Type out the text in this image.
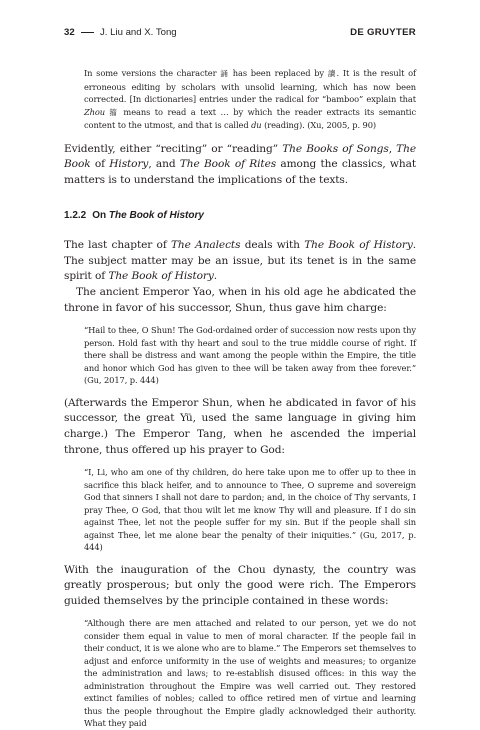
32	J. Liu and X. Tong	DE GRUYTER
In some versions the character 誦 has been replaced by 讀. It is the result of erroneous editing by scholars with unsolid learning, which has now been corrected. [In dictionaries] entries under the radical for “bamboo” explain that Zhou 籀 means to read a text … by which the reader extracts its semantic content to the utmost, and that is called du (reading). (Xu, 2005, p. 90)

Evidently, either “reciting” or “reading” The Books of Songs, The Book of History, and The Book of Rites among the classics, what matters is to understand the implications of the texts.

1.2.2 On The Book of History

The last chapter of The Analects deals with The Book of History. The subject matter may be an issue, but its tenet is in the same spirit of The Book of History.

The ancient Emperor Yao, when in his old age he abdicated the throne in favor of his successor, Shun, thus gave him charge:

“Hail to thee, O Shun! The God-ordained order of succession now rests upon thy person. Hold fast with thy heart and soul to the true middle course of right. If there shall be distress and want among the people within the Empire, the title and honor which God has given to thee will be taken away from thee forever.” (Gu, 2017, p. 444)

(Afterwards the Emperor Shun, when he abdicated in favor of his successor, the great Yü, used the same language in giving him charge.) The Emperor Tang, when he ascended the imperial throne, thus offered up his prayer to God:

“I, Li, who am one of thy children, do here take upon me to offer up to thee in sacrifice this black heifer, and to announce to Thee, O supreme and sovereign God that sinners I shall not dare to pardon; and, in the choice of Thy servants, I pray Thee, O God, that thou wilt let me know Thy will and pleasure. If I do sin against Thee, let not the people suffer for my sin. But if the people shall sin against Thee, let me alone bear the penalty of their iniquities.” (Gu, 2017, p. 444)

With the inauguration of the Chou dynasty, the country was greatly prosperous; but only the good were rich. The Emperors guided themselves by the principle contained in these words:

“Although there are men attached and related to our person, yet we do not consider them equal in value to men of moral character. If the people fail in their conduct, it is we alone who are to blame.” The Emperors set themselves to adjust and enforce uniformity in the use of weights and measures; to organize the administration and laws; to re-establish disused offices: in this way the administration throughout the Empire was well carried out. They restored extinct families of nobles; called to office retired men of virtue and learning thus the people throughout the Empire gladly acknowledged their authority. What they paid
